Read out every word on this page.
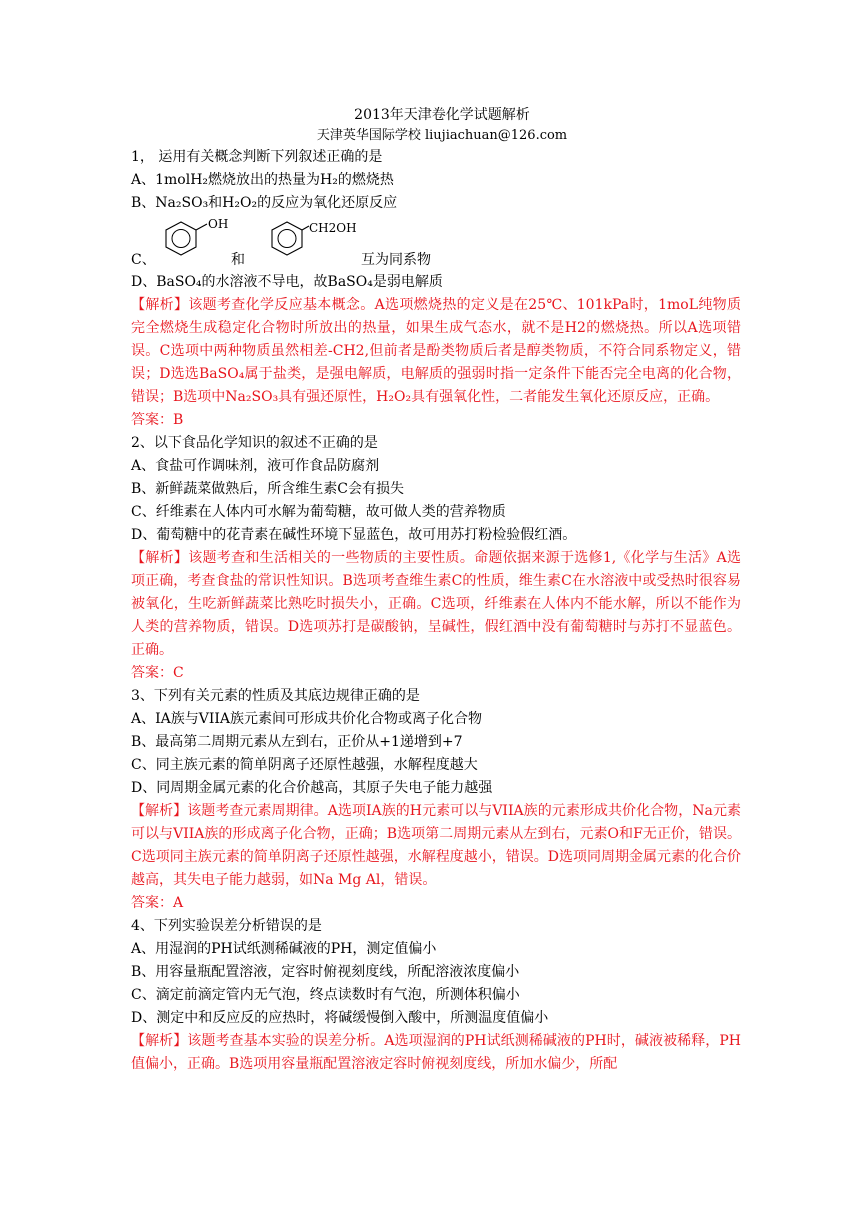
2013年天津卷化学试题解析
天津英华国际学校 liujiachuan@126.com
1， 运用有关概念判断下列叙述正确的是
A、1molH₂燃烧放出的热量为H₂的燃烧热
B、Na₂SO₃和H₂O₂的反应为氧化还原反应
C、
OH
和
CH2OH
互为同系物
D、BaSO₄的水溶液不导电，故BaSO₄是弱电解质
【解析】该题考查化学反应基本概念。A选项燃烧热的定义是在25℃、101kPa时，1moL纯物质完全燃烧生成稳定化合物时所放出的热量，如果生成气态水，就不是H2的燃烧热。所以A选项错误。C选项中两种物质虽然相差-CH2,但前者是酚类物质后者是醇类物质，不符合同系物定义，错误；D选选BaSO₄属于盐类，是强电解质，电解质的强弱时指一定条件下能否完全电离的化合物，错误；B选项中Na₂SO₃具有强还原性，H₂O₂具有强氧化性，二者能发生氧化还原反应，正确。
答案：B
2、以下食品化学知识的叙述不正确的是
A、食盐可作调味剂，液可作食品防腐剂
B、新鲜蔬菜做熟后，所含维生素C会有损失
C、纤维素在人体内可水解为葡萄糖，故可做人类的营养物质
D、葡萄糖中的花青素在碱性环境下显蓝色，故可用苏打粉检验假红酒。
【解析】该题考查和生活相关的一些物质的主要性质。命题依据来源于选修1,《化学与生活》A选项正确，考查食盐的常识性知识。B选项考查维生素C的性质，维生素C在水溶液中或受热时很容易被氧化，生吃新鲜蔬菜比熟吃时损失小，正确。C选项，纤维素在人体内不能水解，所以不能作为人类的营养物质，错误。D选项苏打是碳酸钠，呈碱性，假红酒中没有葡萄糖时与苏打不显蓝色。正确。
答案：C
3、下列有关元素的性质及其底边规律正确的是
A、IA族与VIIA族元素间可形成共价化合物或离子化合物
B、最高第二周期元素从左到右，正价从+1递增到+7
C、同主族元素的简单阴离子还原性越强，水解程度越大
D、同周期金属元素的化合价越高，其原子失电子能力越强
【解析】该题考查元素周期律。A选项IA族的H元素可以与VIIA族的元素形成共价化合物，Na元素可以与VIIA族的形成离子化合物，正确；B选项第二周期元素从左到右，元素O和F无正价，错误。C选项同主族元素的简单阴离子还原性越强，水解程度越小，错误。D选项同周期金属元素的化合价越高，其失电子能力越弱，如Na Mg Al，错误。
答案：A
4、下列实验误差分析错误的是
A、用湿润的PH试纸测稀碱液的PH，测定值偏小
B、用容量瓶配置溶液，定容时俯视刻度线，所配溶液浓度偏小
C、滴定前滴定管内无气泡，终点读数时有气泡，所测体积偏小
D、测定中和反应反的应热时，将碱缓慢倒入酸中，所测温度值偏小
【解析】该题考查基本实验的误差分析。A选项湿润的PH试纸测稀碱液的PH时，碱液被稀释，PH值偏小，正确。B选项用容量瓶配置溶液定容时俯视刻度线，所加水偏少，所配
